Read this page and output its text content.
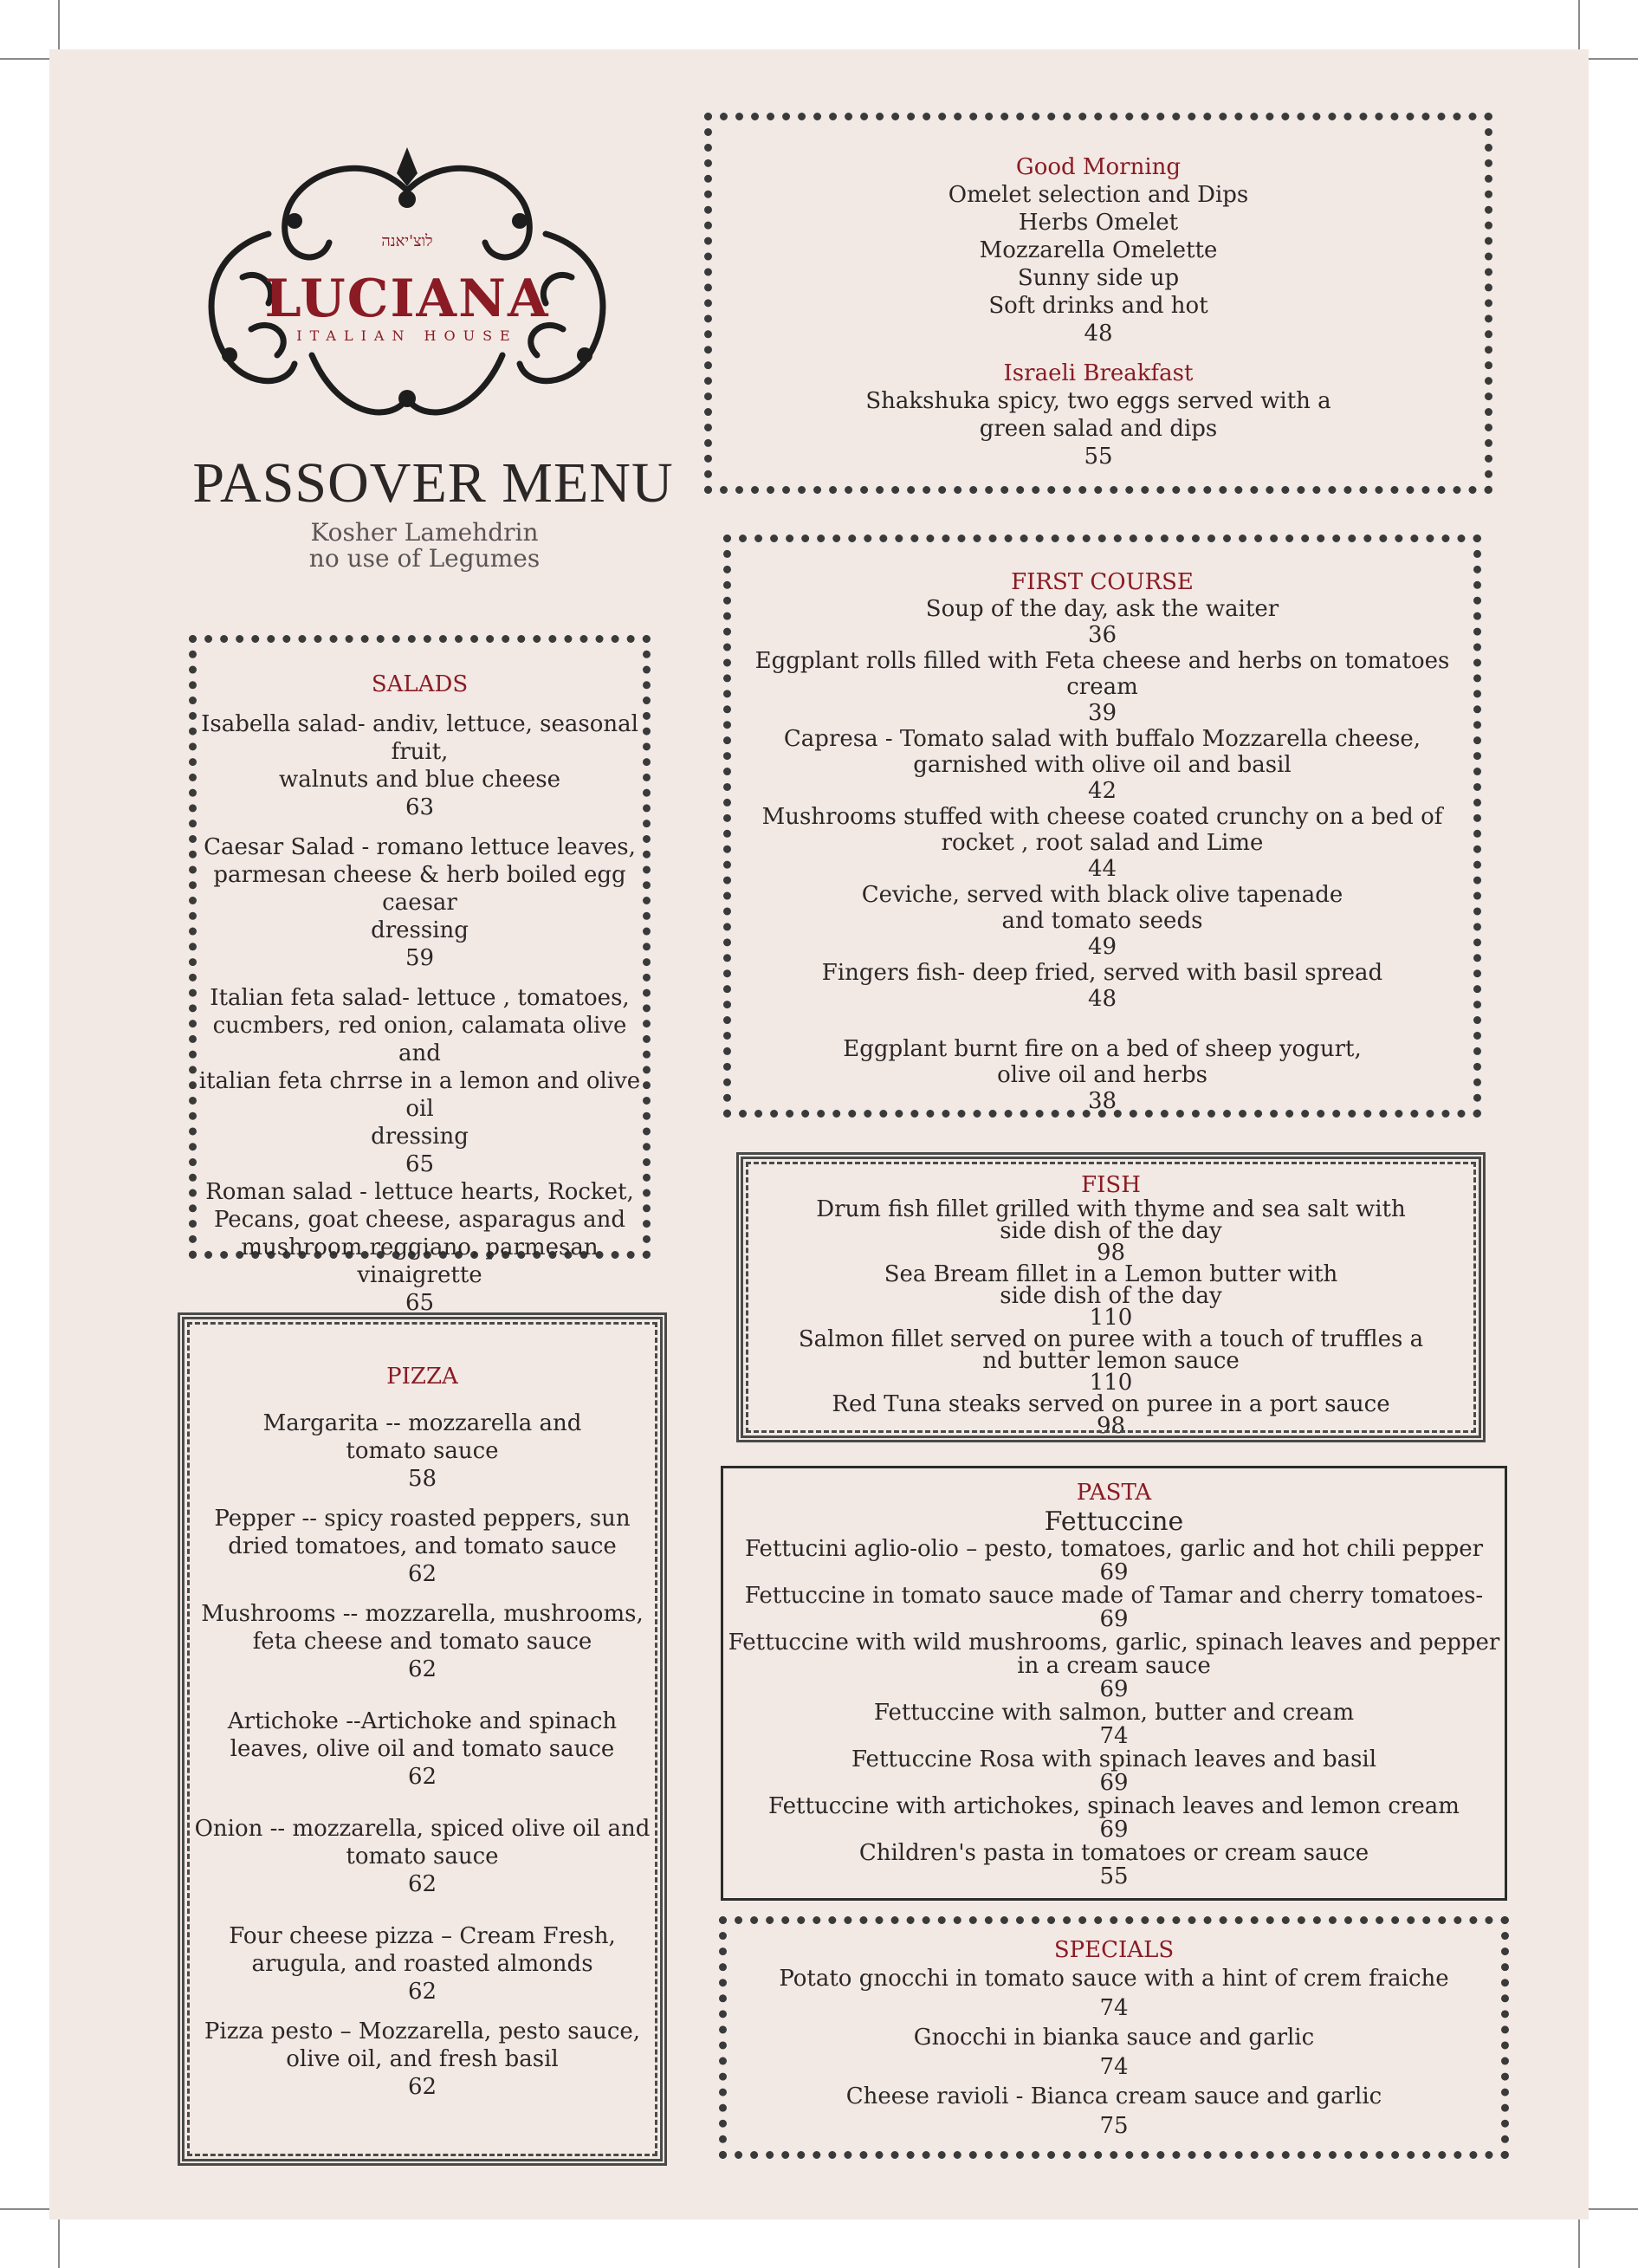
לוצ'יאנה
LUCIANA
ITALIAN HOUSE
PASSOVER MENU
Kosher Lamehdrin
no use of Legumes
Good Morning
Omelet selection and Dips
Herbs Omelet
Mozzarella Omelette
Sunny side up
Soft drinks and hot
48
Israeli Breakfast
Shakshuka spicy, two eggs served with a
green salad and dips
55
SALADS
Isabella salad- andiv, lettuce, seasonal fruit,
walnuts and blue cheese
63
Caesar Salad - romano lettuce leaves,
parmesan cheese & herb boiled egg caesar
dressing
59
Italian feta salad- lettuce , tomatoes,
cucmbers, red onion, calamata olive and
italian feta chrrse in a lemon and olive oil
dressing
65
Roman salad - lettuce hearts, Rocket,
Pecans, goat cheese, asparagus and
mushroom reggiano, parmesan vinaigrette
65
FIRST COURSE
Soup of the day, ask the waiter
36
Eggplant rolls filled with Feta cheese and herbs on tomatoes
cream
39
Capresa - Tomato salad with buffalo Mozzarella cheese,
garnished with olive oil and basil
42
Mushrooms stuffed with cheese coated crunchy on a bed of
rocket , root salad and Lime
44
Ceviche, served with black olive tapenade
and tomato seeds
49
Fingers fish- deep fried, served with basil spread
48
Eggplant burnt fire on a bed of sheep yogurt,
olive oil and herbs
38
FISH
Drum fish fillet grilled with thyme and sea salt with
side dish of the day
98
Sea Bream fillet in a Lemon butter with
side dish of the day
110
Salmon fillet served on puree with a touch of truffles a
nd butter lemon sauce
110
Red Tuna steaks served on puree in a port sauce
98
PIZZA
Margarita -- mozzarella and
tomato sauce
58
Pepper -- spicy roasted peppers, sun
dried tomatoes, and tomato sauce
62
Mushrooms -- mozzarella, mushrooms,
feta cheese and tomato sauce
62
Artichoke --Artichoke and spinach
leaves, olive oil and tomato sauce
62
Onion -- mozzarella, spiced olive oil and
tomato sauce
62
Four cheese pizza – Cream Fresh,
arugula, and roasted almonds
62
Pizza pesto – Mozzarella, pesto sauce,
olive oil, and fresh basil
62
PASTA
Fettuccine
Fettucini aglio-olio – pesto, tomatoes, garlic and hot chili pepper
69
Fettuccine in tomato sauce made of Tamar and cherry tomatoes-
69
Fettuccine with wild mushrooms, garlic, spinach leaves and pepper
in a cream sauce
69
Fettuccine with salmon, butter and cream
74
Fettuccine Rosa with spinach leaves and basil
69
Fettuccine with artichokes, spinach leaves and lemon cream
69
Children's pasta in tomatoes or cream sauce
55
SPECIALS
Potato gnocchi in tomato sauce with a hint of crem fraiche
74
Gnocchi in bianka sauce and garlic
74
Cheese ravioli - Bianca cream sauce and garlic
75
